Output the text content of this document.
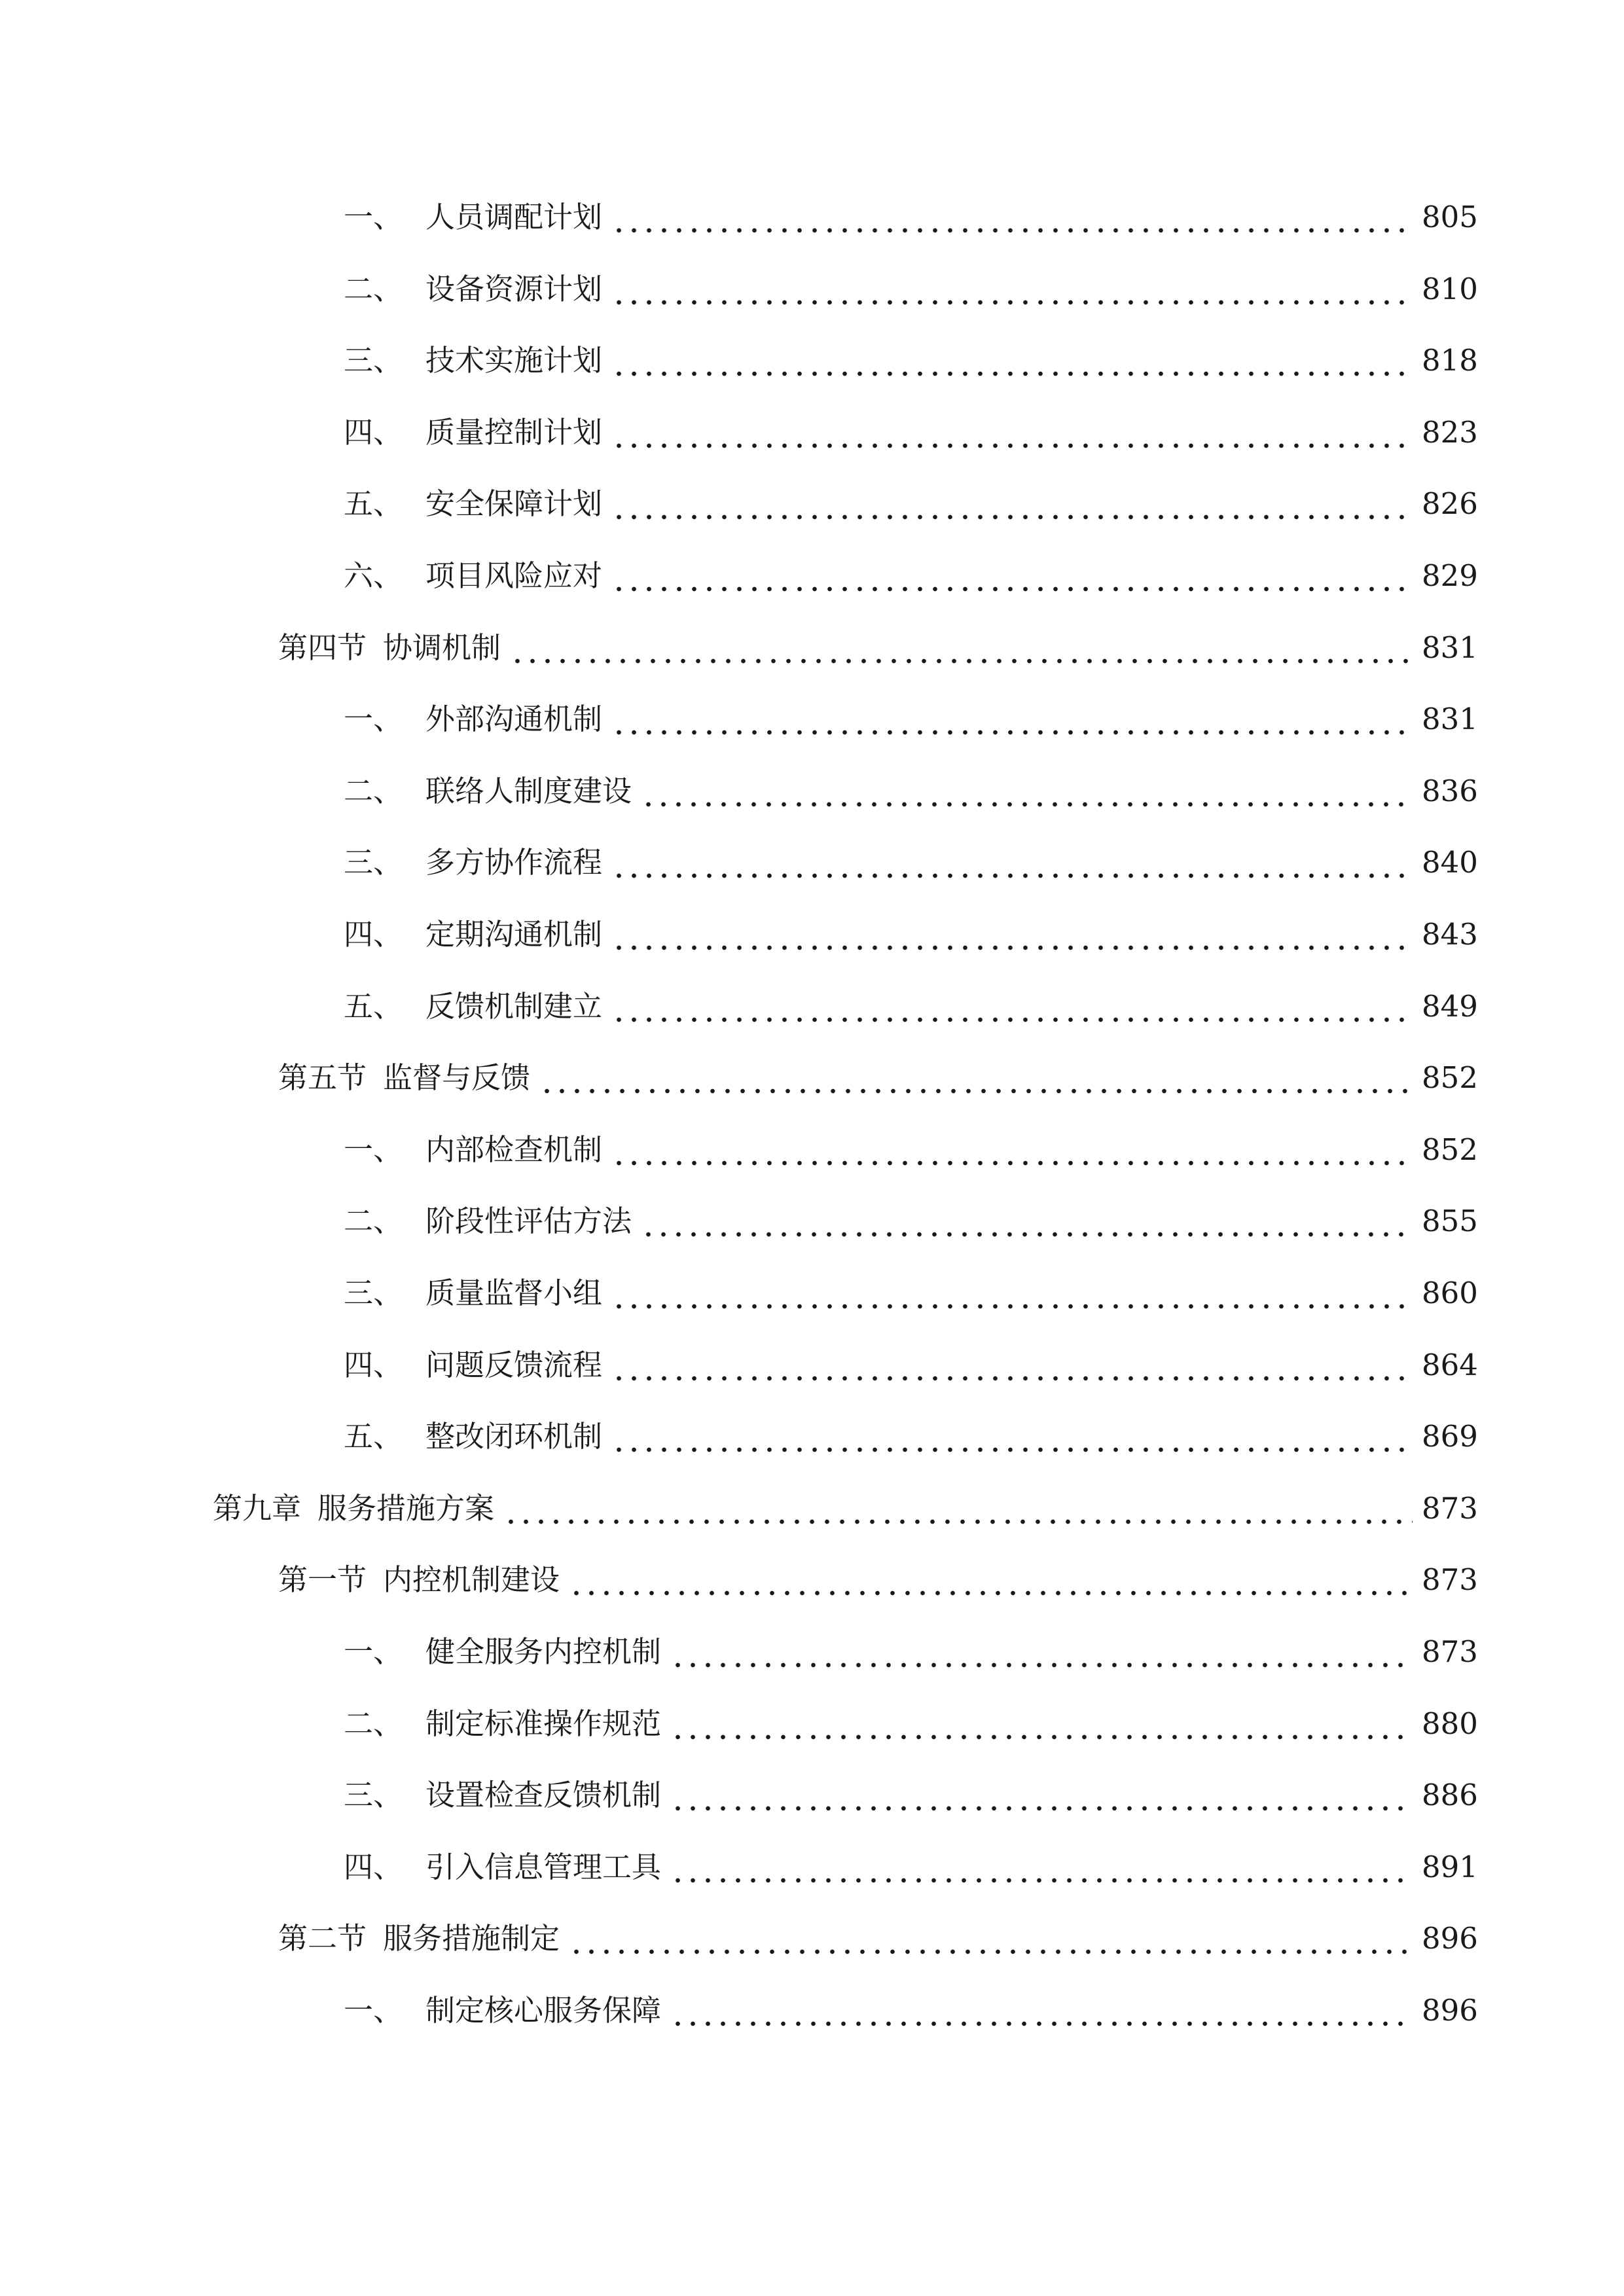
一、 人员调配计划	805
二、 设备资源计划	810
三、 技术实施计划	818
四、 质量控制计划	823
五、 安全保障计划	826
六、 项目风险应对	829
第四节 协调机制	831
一、 外部沟通机制	831
二、 联络人制度建设	836
三、 多方协作流程	840
四、 定期沟通机制	843
五、 反馈机制建立	849
第五节 监督与反馈	852
一、 内部检查机制	852
二、 阶段性评估方法	855
三、 质量监督小组	860
四、 问题反馈流程	864
五、 整改闭环机制	869
第九章 服务措施方案	873
第一节 内控机制建设	873
一、 健全服务内控机制	873
二、 制定标准操作规范	880
三、 设置检查反馈机制	886
四、 引入信息管理工具	891
第二节 服务措施制定	896
一、 制定核心服务保障	896
